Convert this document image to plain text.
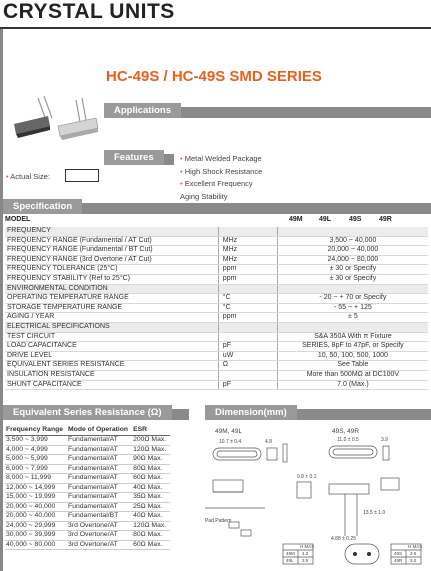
CRYSTAL UNITS
HC-49S / HC-49S SMD SERIES
Applications
Features	• Metal Welded Package
• High Shock Resistance
• Excellent Frequency
Aging Stability
• Actual Size:
Specification
MODEL	49M 49L	49S	49R
FREQUENCY		
FREQUENCY RANGE (Fundamental / AT Cut)	MHz	3,500 ~ 40,000
FREQUENCY RANGE (Fundamental / BT Cut)	MHz	20,000 ~ 40,000
FREQUENCY RANGE (3rd Overtone / AT Cut)	MHz	24,000 ~ 80,000
FREQUENCY TOLERANCE (25°C)	ppm	± 30 or Specify
FREQUENCY STABILITY (Ref to 25°C)	ppm	± 30 or Specify
ENVIRONMENTAL CONDITION		
OPERATING TEMPERATURE RANGE	°C	- 20 ~ + 70 or Specify
STORAGE TEMPERATURE RANGE	°C	- 55 ~ + 125
AGING / YEAR	ppm	± 5
ELECTRICAL SPECIFICATIONS		
TEST CIRCUIT		S&A 350A With π Fixture
LOAD CAPACITANCE	pF	SERIES, 8pF to 47pF, or Specify
DRIVE LEVEL	uW	10, 50, 100, 500, 1000
EQUIVALENT SERIES RESISTANCE	Ω	See Table
INSULATION RESISTANCE		More than 500MΩ at DC100V
SHUNT CAPACITANCE	pF	7.0 (Max.)
Equivalent Series Resistance (Ω)
Frequency Range	Mode of Operation	ESR
3,500 ~ 3,999	Fundamental/AT	200Ω Max.
4,000 ~ 4,999	Fundamental/AT	120Ω Max.
5,000 ~ 5,999	Fundamental/AT	90Ω Max.
6,000 ~ 7,999	Fundamental/AT	80Ω Max.
8,000 ~ 11,999	Fundamental/AT	60Ω Max.
12,000 ~ 14,999	Fundamental/AT	40Ω Max.
15,000 ~ 19,999	Fundamental/AT	35Ω Max.
20,000 ~ 40,000	Fundamental/AT	25Ω Max.
20,000 ~ 40,000	Fundamental/BT	40Ω Max.
24,000 ~ 29,999	3rd Overtone/AT	120Ω Max.
30,000 ~ 39,999	3rd Overtone/AT	80Ω Max.
40,000 ~ 80,000	3rd Overtone/AT	60Ω Max.
Dimension(mm)
49M, 49L	49S, 49R
10.7 ± 0.4	11.0 ± 0.5
4.8	3.9
13.5 ± 1.0
4.88 ± 0.25
0.8 ± 0.1
Pad Pattern
H MAX	H MAX
49M 4.2
49L 3.5
49S 3.5
49R 3.0
